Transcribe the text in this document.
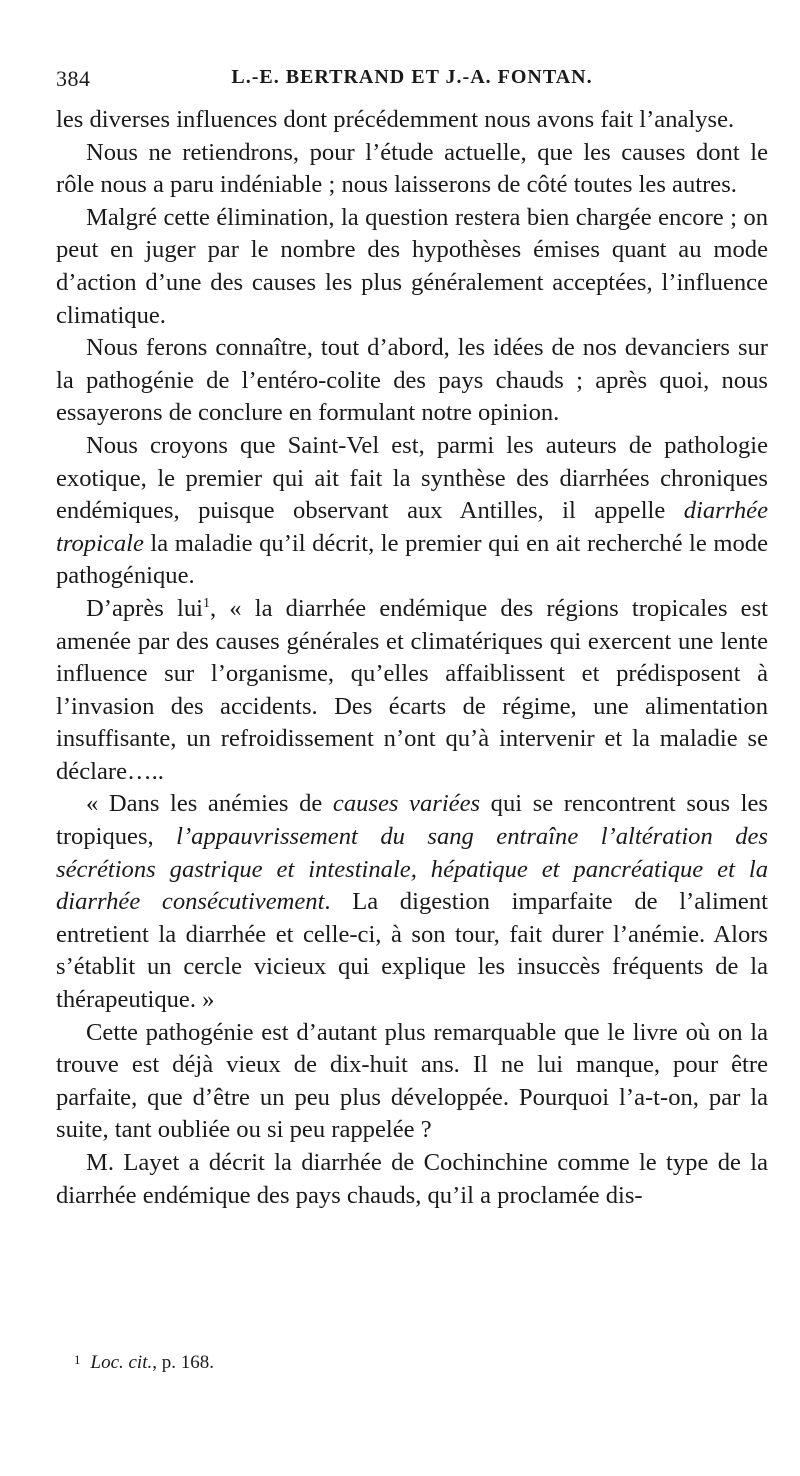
384	L.-E. BERTRAND ET J.-A. FONTAN.

les diverses influences dont précédemment nous avons fait l’analyse.

Nous ne retiendrons, pour l’étude actuelle, que les causes dont le rôle nous a paru indéniable ; nous laisserons de côté toutes les autres.

Malgré cette élimination, la question restera bien chargée encore ; on peut en juger par le nombre des hypothèses émises quant au mode d’action d’une des causes les plus généralement acceptées, l’influence climatique.

Nous ferons connaître, tout d’abord, les idées de nos devanciers sur la pathogénie de l’entéro-colite des pays chauds ; après quoi, nous essayerons de conclure en formulant notre opinion.

Nous croyons que Saint-Vel est, parmi les auteurs de pathologie exotique, le premier qui ait fait la synthèse des diarrhées chroniques endémiques, puisque observant aux Antilles, il appelle diarrhée tropicale la maladie qu’il décrit, le premier qui en ait recherché le mode pathogénique.

D’après lui$^1$, « la diarrhée endémique des régions tropicales est amenée par des causes générales et climatériques qui exercent une lente influence sur l’organisme, qu’elles affaiblissent et prédisposent à l’invasion des accidents. Des écarts de régime, une alimentation insuffisante, un refroidissement n’ont qu’à intervenir et la maladie se déclare…..

« Dans les anémies de causes variées qui se rencontrent sous les tropiques, l’appauvrissement du sang entraîne l’altération des sécrétions gastrique et intestinale, hépatique et pancréatique et la diarrhée consécutivement. La digestion imparfaite de l’aliment entretient la diarrhée et celle-ci, à son tour, fait durer l’anémie. Alors s’établit un cercle vicieux qui explique les insuccès fréquents de la thérapeutique. »

Cette pathogénie est d’autant plus remarquable que le livre où on la trouve est déjà vieux de dix-huit ans. Il ne lui manque, pour être parfaite, que d’être un peu plus développée. Pourquoi l’a-t-on, par la suite, tant oubliée ou si peu rappelée ?

M. Layet a décrit la diarrhée de Cochinchine comme le type de la diarrhée endémique des pays chauds, qu’il a proclamée dis-

$^1$ Loc. cit., p. 168.
